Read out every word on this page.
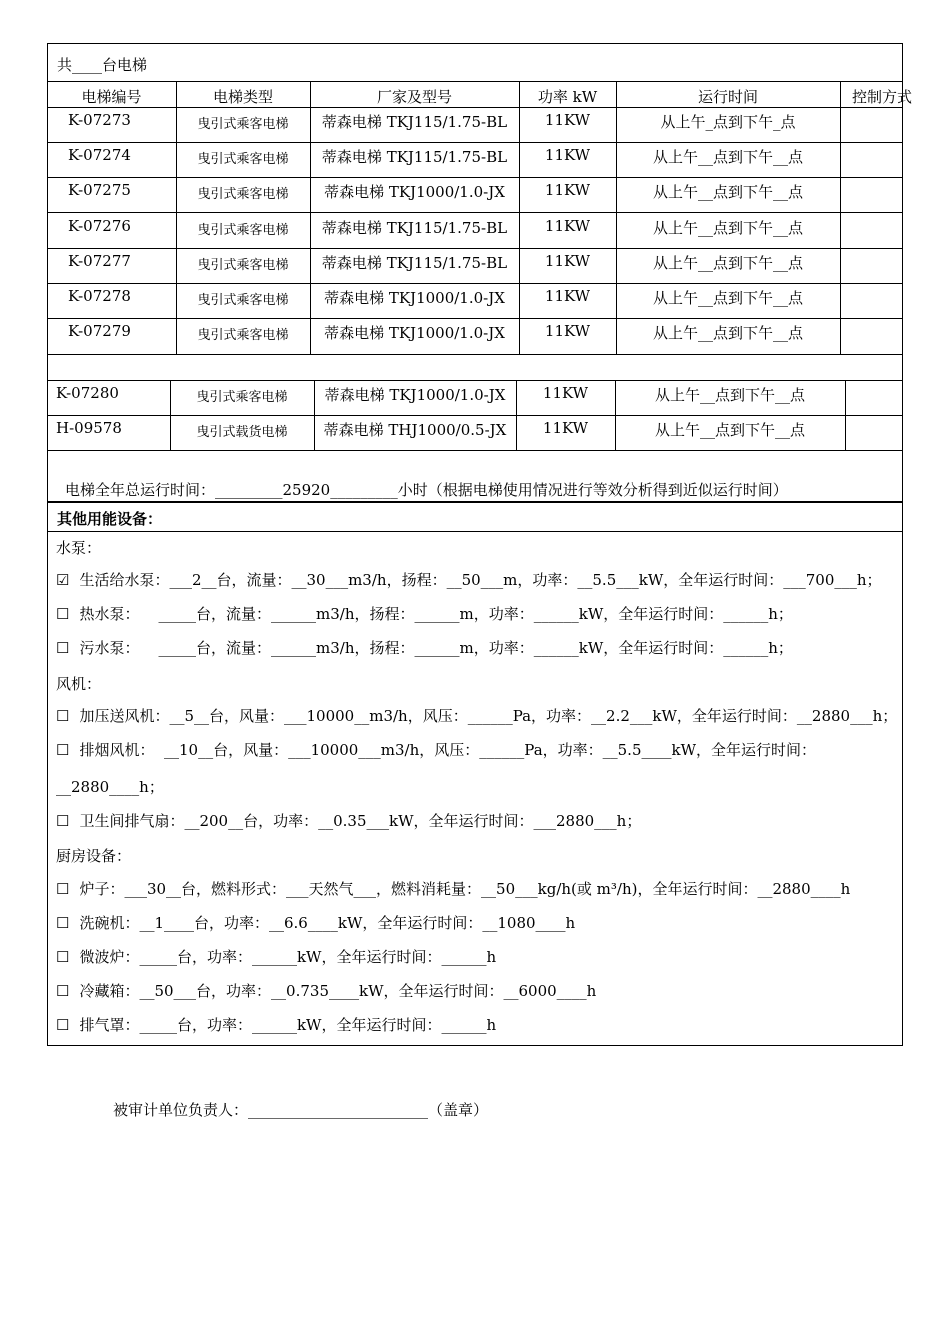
共____台电梯
电梯编号	电梯类型	厂家及型号	功率 kW	运行时间	控制方式
K-07273	曳引式乘客电梯	蒂森电梯 TKJ115/1.75-BL	11KW	从上午_点到下午_点
K-07274	曳引式乘客电梯	蒂森电梯 TKJ115/1.75-BL	11KW	从上午__点到下午__点
K-07275	曳引式乘客电梯	蒂森电梯 TKJ1000/1.0-JX	11KW	从上午__点到下午__点
K-07276	曳引式乘客电梯	蒂森电梯 TKJ115/1.75-BL	11KW	从上午__点到下午__点
K-07277	曳引式乘客电梯	蒂森电梯 TKJ115/1.75-BL	11KW	从上午__点到下午__点
K-07278	曳引式乘客电梯	蒂森电梯 TKJ1000/1.0-JX	11KW	从上午__点到下午__点
K-07279	曳引式乘客电梯	蒂森电梯 TKJ1000/1.0-JX	11KW	从上午__点到下午__点
K-07280	曳引式乘客电梯	蒂森电梯 TKJ1000/1.0-JX	11KW	从上午__点到下午__点
H-09578	曳引式载货电梯	蒂森电梯 THJ1000/0.5-JX	11KW	从上午__点到下午__点
电梯全年总运行时间：_________25920_________小时（根据电梯使用情况进行等效分析得到近似运行时间）
其他用能设备：
水泵：
☑ 生活给水泵：___2__台，流量：__30___m3/h，扬程：__50___m，功率：__5.5___kW，全年运行时间：___700___h；
☐ 热水泵：    _____台，流量：______m3/h，扬程：______m，功率：______kW，全年运行时间：______h；
☐ 污水泵：    _____台，流量：______m3/h，扬程：______m，功率：______kW，全年运行时间：______h；
风机：
☐ 加压送风机：__5__台，风量：___10000__m3/h，风压：______Pa，功率：__2.2___kW，全年运行时间：__2880___h；
☐ 排烟风机：  __10__台，风量：___10000___m3/h，风压：______Pa，功率：__5.5____kW，全年运行时间：
__2880____h；
☐ 卫生间排气扇：__200__台，功率：__0.35___kW，全年运行时间：___2880___h；
厨房设备：
☐ 炉子：___30__台，燃料形式：___天然气___，燃料消耗量：__50___kg/h(或 m³/h)，全年运行时间：__2880____h
☐ 洗碗机：__1____台，功率：__6.6____kW，全年运行时间：__1080____h
☐ 微波炉：_____台，功率：______kW，全年运行时间：______h
☐ 冷藏箱：__50___台，功率：__0.735____kW，全年运行时间：__6000____h
☐ 排气罩：_____台，功率：______kW，全年运行时间：______h
被审计单位负责人：________________________（盖章）
